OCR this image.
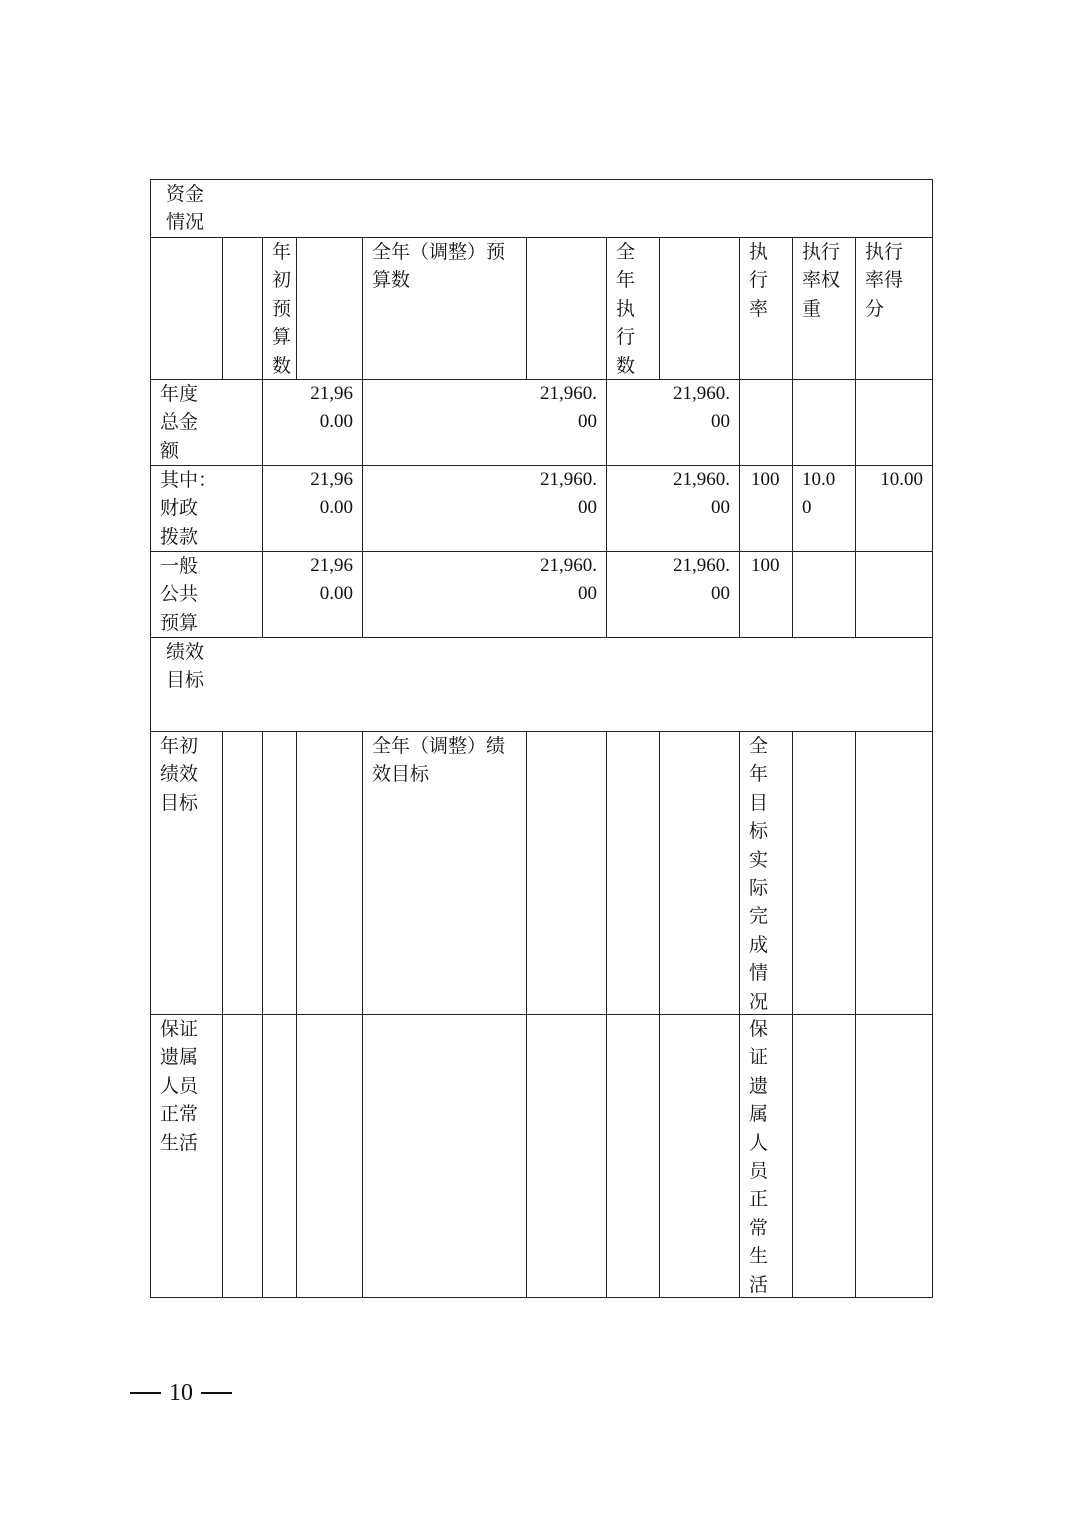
资金
情况
绩效
目标
年
初
预
算
数
全年（调整）预
算数
全
年
执
行
数
执
行
率
执行
率权
重
执行
率得
分
年度
总金
额
21,96
0.00
21,960.
00
21,960.
00
其中：
财政
拨款
21,96
0.00
21,960.
00
21,960.
00
100 10.0
0
10.00
一般
公共
预算
21,96
0.00
21,960.
00
21,960.
00
100
年初
绩效
目标
全年（调整）绩
效目标
全
年
目
标
实
际
完
成
情
况
保证
遗属
人员
正常
生活
保
证
遗
属
人
员
正
常
生
活
10
